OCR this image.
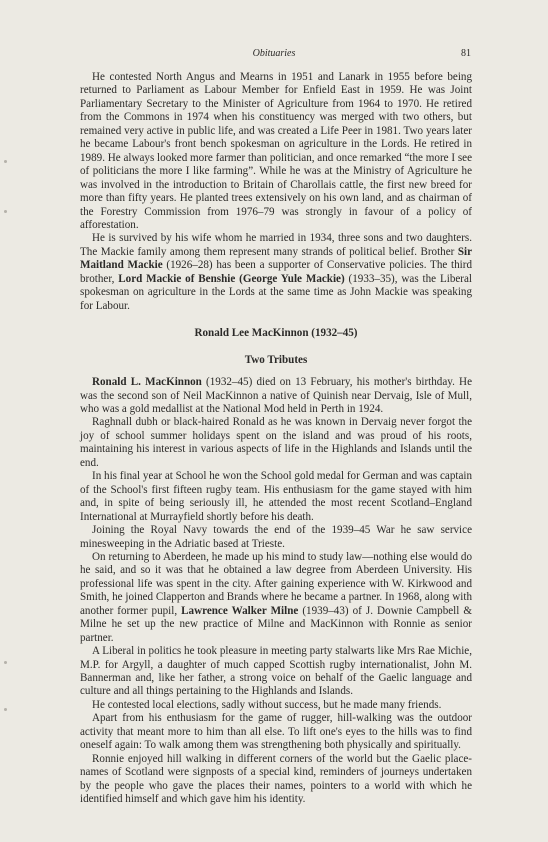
Obituaries	81

He contested North Angus and Mearns in 1951 and Lanark in 1955 before being returned to Parliament as Labour Member for Enfield East in 1959. He was Joint Parliamentary Secretary to the Minister of Agriculture from 1964 to 1970. He retired from the Commons in 1974 when his constituency was merged with two others, but remained very active in public life, and was created a Life Peer in 1981. Two years later he became Labour's front bench spokesman on agriculture in the Lords. He retired in 1989. He always looked more farmer than politician, and once remarked “the more I see of politicians the more I like farming”. While he was at the Ministry of Agriculture he was involved in the introduction to Britain of Charollais cattle, the first new breed for more than fifty years. He planted trees extensively on his own land, and as chairman of the Forestry Commission from 1976–79 was strongly in favour of a policy of afforestation.

He is survived by his wife whom he married in 1934, three sons and two daughters. The Mackie family among them represent many strands of political belief. Brother Sir Maitland Mackie (1926–28) has been a supporter of Conservative policies. The third brother, Lord Mackie of Benshie (George Yule Mackie) (1933–35), was the Liberal spokesman on agriculture in the Lords at the same time as John Mackie was speaking for Labour.

Ronald Lee MacKinnon (1932–45)
Two Tributes

Ronald L. MacKinnon (1932–45) died on 13 February, his mother's birthday. He was the second son of Neil MacKinnon a native of Quinish near Dervaig, Isle of Mull, who was a gold medallist at the National Mod held in Perth in 1924.

Raghnall dubh or black-haired Ronald as he was known in Dervaig never forgot the joy of school summer holidays spent on the island and was proud of his roots, maintaining his interest in various aspects of life in the Highlands and Islands until the end.

In his final year at School he won the School gold medal for German and was captain of the School's first fifteen rugby team. His enthusiasm for the game stayed with him and, in spite of being seriously ill, he attended the most recent Scotland–England International at Murrayfield shortly before his death.

Joining the Royal Navy towards the end of the 1939–45 War he saw service minesweeping in the Adriatic based at Trieste.

On returning to Aberdeen, he made up his mind to study law—nothing else would do he said, and so it was that he obtained a law degree from Aberdeen University. His professional life was spent in the city. After gaining experience with W. Kirkwood and Smith, he joined Clapperton and Brands where he became a partner. In 1968, along with another former pupil, Lawrence Walker Milne (1939–43) of J. Downie Campbell & Milne he set up the new practice of Milne and MacKinnon with Ronnie as senior partner.

A Liberal in politics he took pleasure in meeting party stalwarts like Mrs Rae Michie, M.P. for Argyll, a daughter of much capped Scottish rugby internationalist, John M. Bannerman and, like her father, a strong voice on behalf of the Gaelic language and culture and all things pertaining to the Highlands and Islands.

He contested local elections, sadly without success, but he made many friends.

Apart from his enthusiasm for the game of rugger, hill-walking was the outdoor activity that meant more to him than all else. To lift one's eyes to the hills was to find oneself again: To walk among them was strengthening both physically and spiritually.

Ronnie enjoyed hill walking in different corners of the world but the Gaelic place-names of Scotland were signposts of a special kind, reminders of journeys undertaken by the people who gave the places their names, pointers to a world with which he identified himself and which gave him his identity.
